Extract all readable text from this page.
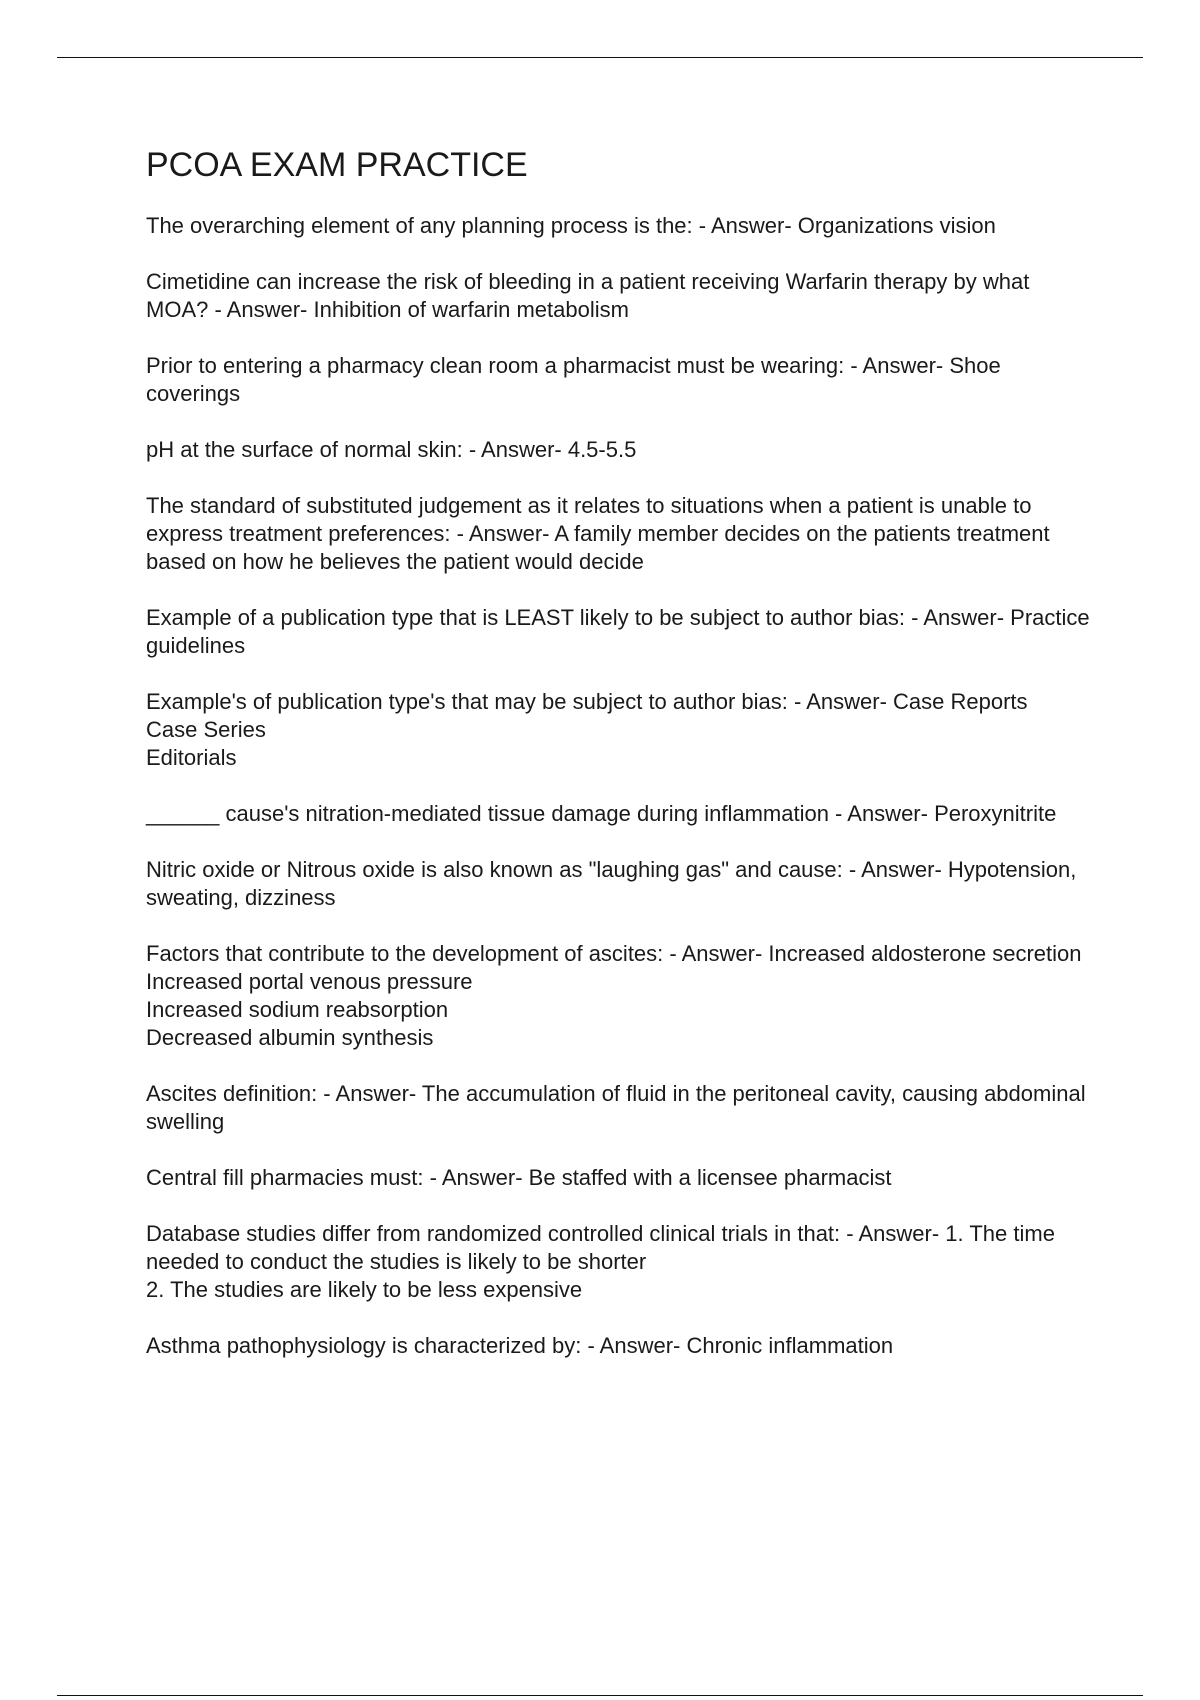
PCOA EXAM PRACTICE

The overarching element of any planning process is the: - Answer- Organizations vision

Cimetidine can increase the risk of bleeding in a patient receiving Warfarin therapy by what MOA? - Answer- Inhibition of warfarin metabolism

Prior to entering a pharmacy clean room a pharmacist must be wearing: - Answer- Shoe coverings

pH at the surface of normal skin: - Answer- 4.5-5.5

The standard of substituted judgement as it relates to situations when a patient is unable to express treatment preferences: - Answer- A family member decides on the patients treatment based on how he believes the patient would decide

Example of a publication type that is LEAST likely to be subject to author bias: - Answer- Practice guidelines

Example's of publication type's that may be subject to author bias: - Answer- Case Reports
Case Series
Editorials

______ cause's nitration-mediated tissue damage during inflammation - Answer- Peroxynitrite

Nitric oxide or Nitrous oxide is also known as "laughing gas" and cause: - Answer- Hypotension, sweating, dizziness

Factors that contribute to the development of ascites: - Answer- Increased aldosterone secretion
Increased portal venous pressure
Increased sodium reabsorption
Decreased albumin synthesis

Ascites definition: - Answer- The accumulation of fluid in the peritoneal cavity, causing abdominal swelling

Central fill pharmacies must: - Answer- Be staffed with a licensee pharmacist

Database studies differ from randomized controlled clinical trials in that: - Answer- 1. The time needed to conduct the studies is likely to be shorter
2. The studies are likely to be less expensive

Asthma pathophysiology is characterized by: - Answer- Chronic inflammation
